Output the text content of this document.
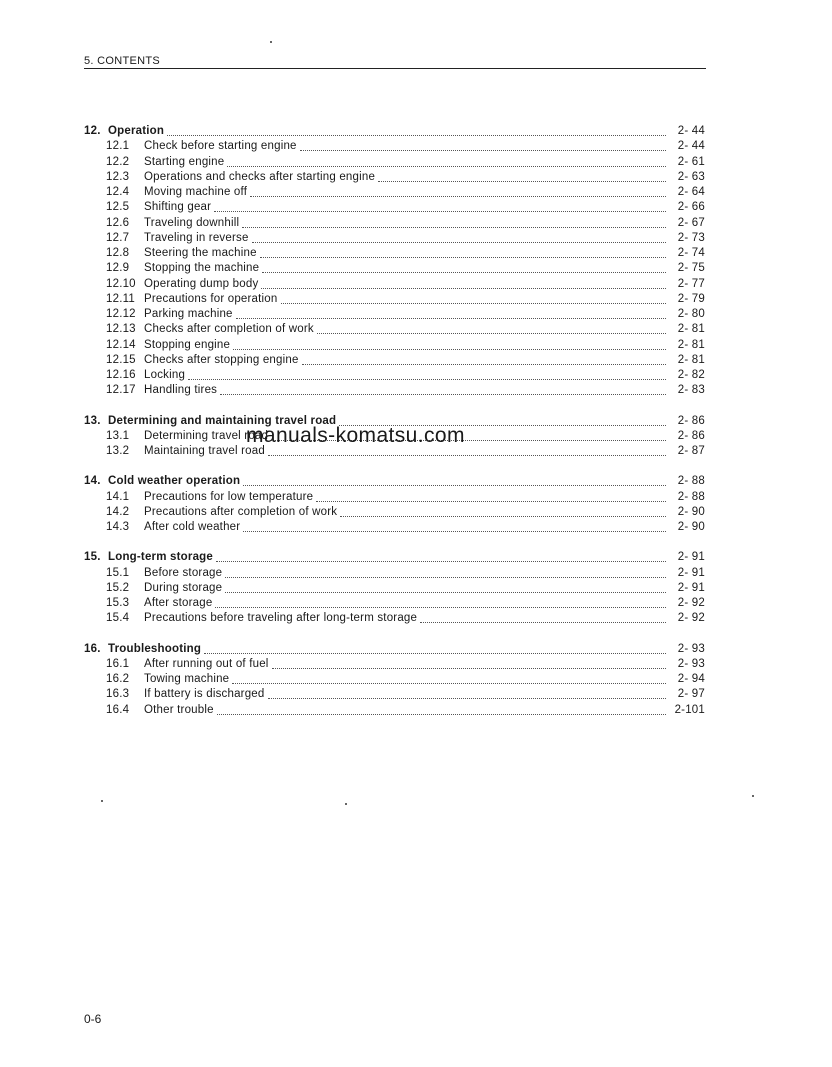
5. CONTENTS
12. Operation	2- 44
12.1	Check before starting engine	2- 44
12.2	Starting engine	2- 61
12.3	Operations and checks after starting engine	2- 63
12.4	Moving machine off	2- 64
12.5	Shifting gear	2- 66
12.6	Traveling downhill	2- 67
12.7	Traveling in reverse	2- 73
12.8	Steering the machine	2- 74
12.9	Stopping the machine	2- 75
12.10 Operating dump body	2- 77
12.11 Precautions for operation	2- 79
12.12 Parking machine	2- 80
12.13 Checks after completion of work	2- 81
12.14 Stopping engine	2- 81
12.15 Checks after stopping engine	2- 81
12.16 Locking	2- 82
12.17 Handling tires	2- 83
13. Determining and maintaining travel road	2- 86
13.1	Determining travel road	2- 86
13.2	Maintaining travel road	2- 87
14. Cold weather operation	2- 88
14.1	Precautions for low temperature	2- 88
14.2	Precautions after completion of work	2- 90
14.3	After cold weather	2- 90
15. Long-term storage	2- 91
15.1	Before storage	2- 91
15.2	During storage	2- 91
15.3	After storage	2- 92
15.4	Precautions before traveling after long-term storage	2- 92
16. Troubleshooting	2- 93
16.1	After running out of fuel	2- 93
16.2	Towing machine	2- 94
16.3	If battery is discharged	2- 97
16.4	Other trouble	2-101
manuals-komatsu.com
0-6
